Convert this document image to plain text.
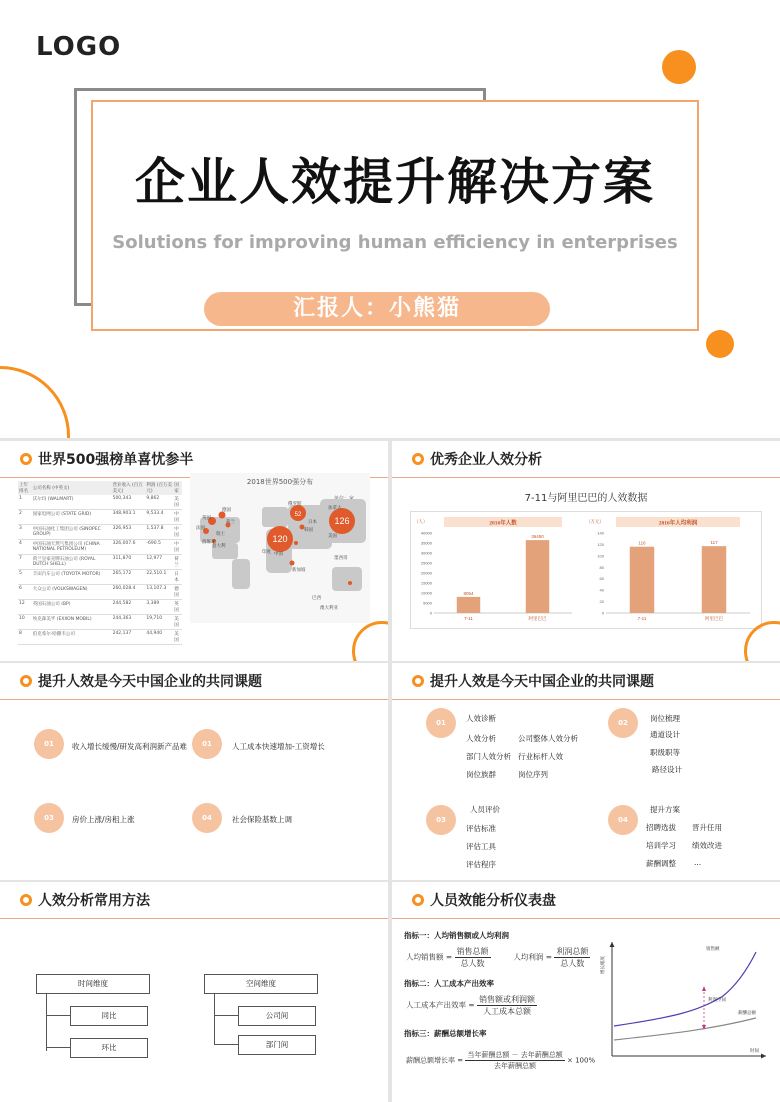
LOGO
企业人效提升解决方案
Solutions for improving human efficiency in enterprises
汇报人：小熊猫
世界500强榜单喜忧参半
上年排名	公司名称 (中英文)	营业收入 (百万美元)	利润 (百万美元)	国家
1	沃尔玛 (WALMART)	500,343	9,862	美国
2	国家电网公司 (STATE GRID)	348,903.1	9,533.4	中国
3	中国石油化工集团公司 (SINOPEC GROUP)	326,953	1,537.8	中国
4	中国石油天然气集团公司 (CHINA NATIONAL PETROLEUM)	326,007.6	-690.5	中国
7	荷兰皇家壳牌石油公司 (ROYAL DUTCH SHELL)	311,870	12,977	荷兰
5	丰田汽车公司 (TOYOTA MOTOR)	265,172	22,510.1	日本
6	大众公司 (VOLKSWAGEN)	260,028.4	13,107.3	德国
12	英国石油公司 (BP)	244,582	3,389	英国
10	埃克森美孚 (EXXON MOBIL)	244,363	19,710	美国
8	伯克希尔-哈撒韦公司	242,137	44,940	美国
2018世界500强分布
120
52
126
英国
德国
法国
瑞士
荷兰
意大利
西班牙
俄罗斯
印度 中国
韩国
日本
加拿大
美国
墨西哥
巴西
澳大利亚
新加坡
优秀企业人效分析
7-11与阿里巴巴的人效数据
2016年人数
（人）
0
5000
10000
15000
20000
25000
30000
35000
40000
8054
7-11
36450
阿里巴巴
2016年人均利润
（万元）
0
20
40
60
80
100
120
140
116
7-11
117
阿里巴巴
提升人效是今天中国企业的共同课题
01	收入增长缓慢/研发高利润新产品难	01	人工成本快速增加-工资增长
03	房价上涨/房租上涨	04	社会保险基数上调
提升人效是今天中国企业的共同课题
01	人效诊断
人效分析	公司整体人效分析
部门人效分析 行业标杆人效
岗位族群	岗位序列
02	岗位梳理
通道设计
职级职等
路径设计
03
人员评价
评估标准
评估工具
评估程序
04
提升方案
招聘选拔 晋升任用
培训学习 绩效改进
薪酬调整 ...
人效分析常用方法
时间维度
同比
环比
空间维度
公司间
部门间
人员效能分析仪表盘
指标一：人均销售额或人均利润
人均销售额 = $\frac{\text{销售总额}}{\text{总人数}}$	人均利润 = $\frac{\text{利润总额}}{\text{总人数}}$
指标二：人工成本产出效率
人工成本产出效率 = $\frac{\text{销售额或利润额}}{\text{人工成本总额}}$
指标三：薪酬总额增长率
薪酬总额增长率 = $\frac{\text{当年薪酬总额 － 去年薪酬总额}}{\text{去年薪酬总额}} \times 100\%$
增长幅度
时间
销售额
薪酬总额
利润空间
